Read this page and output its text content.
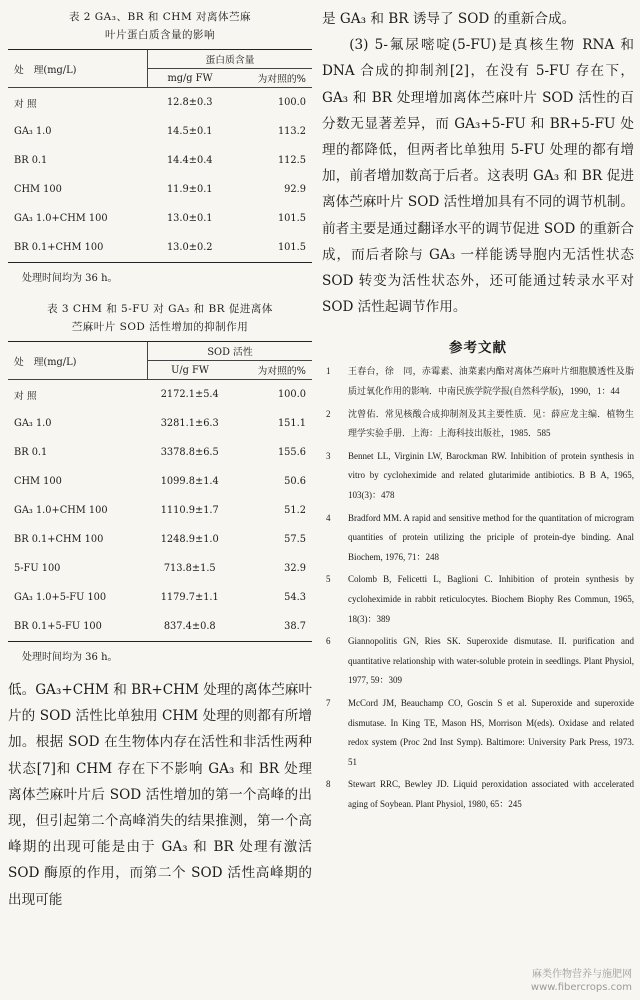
表 2 GA₃、BR 和 CHM 对离体苎麻
叶片蛋白质含量的影响
处　理(mg/L)	蛋白质含量	
	mg/g FW	为对照的%
对 照	12.8±0.3	100.0
GA₃ 1.0	14.5±0.1	113.2
BR 0.1	14.4±0.4	112.5
CHM 100	11.9±0.1	92.9
GA₃ 1.0+CHM 100	13.0±0.1	101.5
BR 0.1+CHM 100	13.0±0.2	101.5
处理时间均为 36 h。
表 3 CHM 和 5-FU 对 GA₃ 和 BR 促进离体
苎麻叶片 SOD 活性增加的抑制作用
处　理(mg/L)	SOD 活性	
	U/g FW	为对照的%
对 照	2172.1±5.4	100.0
GA₃ 1.0	3281.1±6.3	151.1
BR 0.1	3378.8±6.5	155.6
CHM 100	1099.8±1.4	50.6
GA₃ 1.0+CHM 100	1110.9±1.7	51.2
BR 0.1+CHM 100	1248.9±1.0	57.5
5-FU 100	713.8±1.5	32.9
GA₃ 1.0+5-FU 100	1179.7±1.1	54.3
BR 0.1+5-FU 100	837.4±0.8	38.7
处理时间均为 36 h。

低。GA₃+CHM 和 BR+CHM 处理的离体苎麻叶片的 SOD 活性比单独用 CHM 处理的则都有所增加。根据 SOD 在生物体内存在活性和非活性两种状态[7]和 CHM 存在下不影响 GA₃ 和 BR 处理离体苎麻叶片后 SOD 活性增加的第一个高峰的出现，但引起第二个高峰消失的结果推测，第一个高峰期的出现可能是由于 GA₃ 和 BR 处理有激活 SOD 酶原的作用，而第二个 SOD 活性高峰期的出现可能

是 GA₃ 和 BR 诱导了 SOD 的重新合成。

(3) 5-氟尿嘧啶(5-FU)是真核生物 RNA 和 DNA 合成的抑制剂[2]，在没有 5-FU 存在下，GA₃ 和 BR 处理增加离体苎麻叶片 SOD 活性的百分数无显著差异，而 GA₃+5-FU 和 BR+5-FU 处理的都降低，但两者比单独用 5-FU 处理的都有增加，前者增加数高于后者。这表明 GA₃ 和 BR 促进离体苎麻叶片 SOD 活性增加具有不同的调节机制。前者主要是通过翻译水平的调节促进 SOD 的重新合成，而后者除与 GA₃ 一样能诱导胞内无活性状态 SOD 转变为活性状态外，还可能通过转录水平对 SOD 活性起调节作用。

参考文献
1	王春台，徐　同，赤霉素、油菜素内酯对离体苎麻叶片细胞膜透性及脂质过氧化作用的影响．中南民族学院学报(自然科学版)，1990，1：44
2	沈曾佑．常见核酸合成抑制剂及其主要性质．见：薛应龙主编．植物生理学实验手册．上海：上海科技出版社，1985．585
3	Bennet LL, Virginin LW, Barockman RW. Inhibition of protein synthesis in vitro by cycloheximide and related glutarimide antibiotics. B B A, 1965, 103(3)：478
4	Bradford MM. A rapid and sensitive method for the quantitation of microgram quantities of protein utilizing the priciple of protein-dye binding. Anal Biochem, 1976, 71：248
5	Colomb B, Felicetti L, Baglioni C. Inhibition of protein synthesis by cycloheximide in rabbit reticulocytes. Biochem Biophy Res Commun, 1965, 18(3)：389
6	Giannopolitis GN, Ries SK. Superoxide dismutase. II. purification and quantitative relationship with water-soluble protein in seedlings. Plant Physiol, 1977, 59：309
7	McCord JM, Beauchamp CO, Goscin S et al. Superoxide and superoxide dismutase. In King TE, Mason HS, Morrison M(eds). Oxidase and related redox system (Proc 2nd Inst Symp). Baltimore: University Park Press, 1973. 51
8	Stewart RRC, Bewley JD. Liquid peroxidation associated with accelerated aging of Soybean. Plant Physiol, 1980, 65：245
麻类作物营养与施肥网
www.fibercrops.com
